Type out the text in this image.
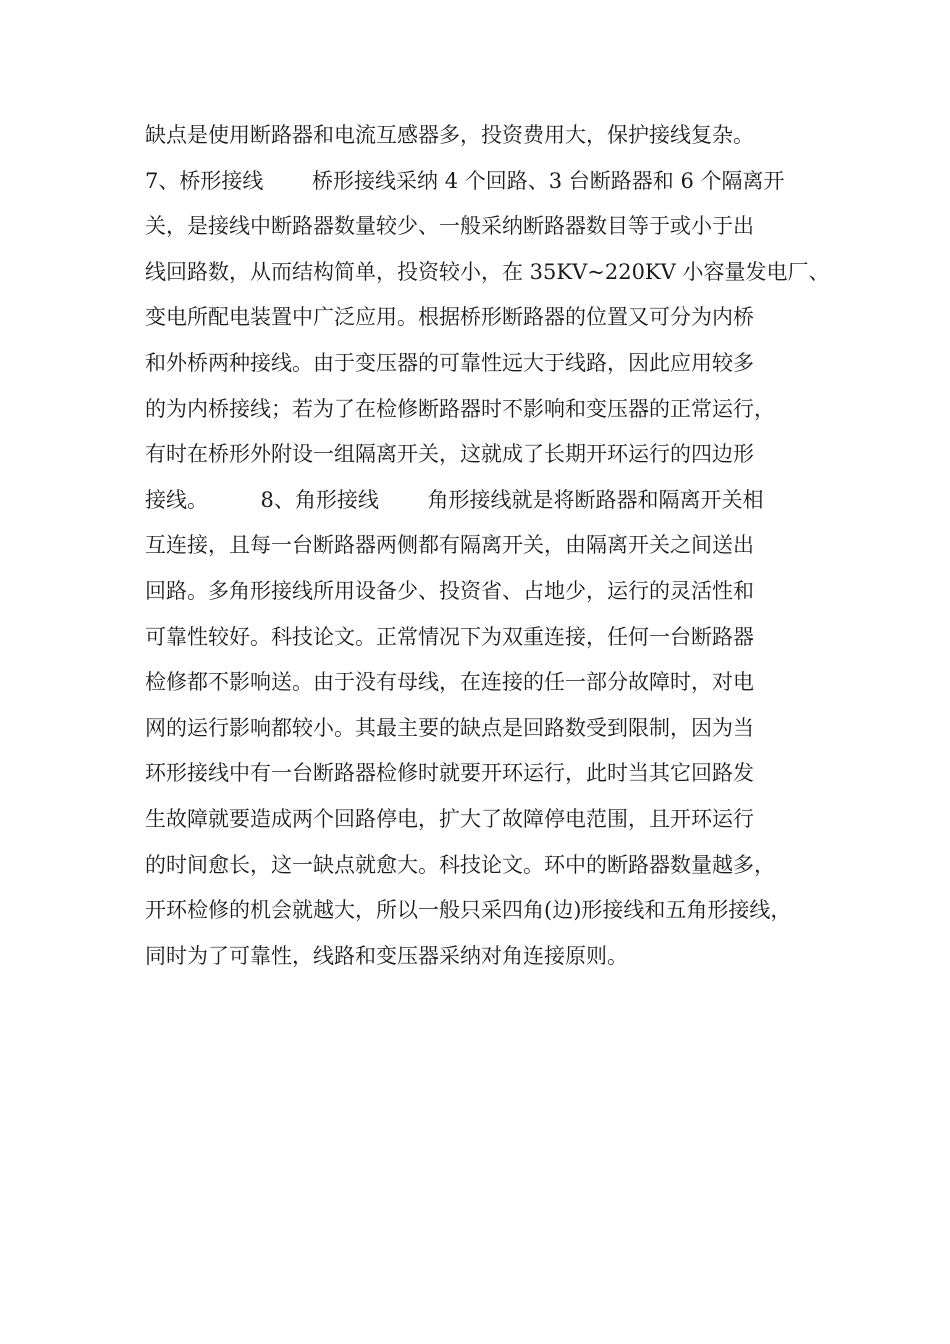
缺点是使用断路器和电流互感器多，投资费用大，保护接线复杂。
7、桥形接线　　 桥形接线采纳 4 个回路、3 台断路器和 6 个隔离开
关，是接线中断路器数量较少、一般采纳断路器数目等于或小于出
线回路数，从而结构简单，投资较小，在 35KV~220KV 小容量发电厂、
变电所配电装置中广泛应用。根据桥形断路器的位置又可分为内桥
和外桥两种接线。由于变压器的可靠性远大于线路，因此应用较多
的为内桥接线；若为了在检修断路器时不影响和变压器的正常运行，
有时在桥形外附设一组隔离开关，这就成了长期开环运行的四边形
接线。　　　8、角形接线　　 角形接线就是将断路器和隔离开关相
互连接，且每一台断路器两侧都有隔离开关，由隔离开关之间送出
回路。多角形接线所用设备少、投资省、占地少，运行的灵活性和
可靠性较好。科技论文。正常情况下为双重连接，任何一台断路器
检修都不影响送。由于没有母线，在连接的任一部分故障时，对电
网的运行影响都较小。其最主要的缺点是回路数受到限制，因为当
环形接线中有一台断路器检修时就要开环运行，此时当其它回路发
生故障就要造成两个回路停电，扩大了故障停电范围，且开环运行
的时间愈长，这一缺点就愈大。科技论文。环中的断路器数量越多，
开环检修的机会就越大，所以一般只采四角(边)形接线和五角形接线，
同时为了可靠性，线路和变压器采纳对角连接原则。
